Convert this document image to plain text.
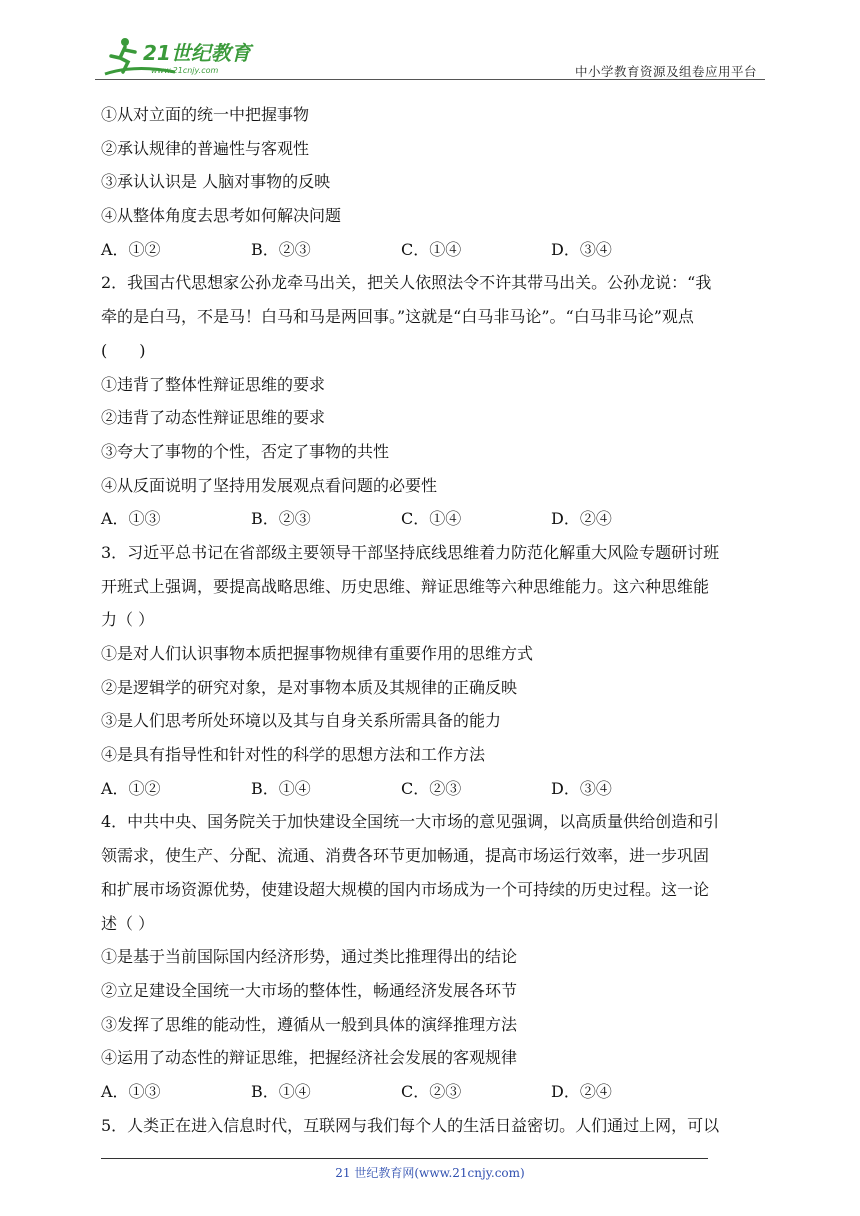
21世纪教育
www.21cnjy.com	中小学教育资源及组卷应用平台
①从对立面的统一中把握事物
②承认规律的普遍性与客观性
③承认认识是 人脑对事物的反映
④从整体角度去思考如何解决问题
A．①②	B．②③	C．①④	D．③④
2．我国古代思想家公孙龙牵马出关，把关人依照法令不许其带马出关。公孙龙说：“我
牵的是白马，不是马！白马和马是两回事。”这就是“白马非马论”。“白马非马论”观点
(　　)
①违背了整体性辩证思维的要求
②违背了动态性辩证思维的要求
③夸大了事物的个性，否定了事物的共性
④从反面说明了坚持用发展观点看问题的必要性
A．①③	B．②③	C．①④	D．②④
3．习近平总书记在省部级主要领导干部坚持底线思维着力防范化解重大风险专题研讨班
开班式上强调，要提高战略思维、历史思维、辩证思维等六种思维能力。这六种思维能
力（ ）
①是对人们认识事物本质把握事物规律有重要作用的思维方式
②是逻辑学的研究对象，是对事物本质及其规律的正确反映
③是人们思考所处环境以及其与自身关系所需具备的能力
④是具有指导性和针对性的科学的思想方法和工作方法
A．①②	B．①④	C．②③	D．③④
4．中共中央、国务院关于加快建设全国统一大市场的意见强调，以高质量供给创造和引
领需求，使生产、分配、流通、消费各环节更加畅通，提高市场运行效率，进一步巩固
和扩展市场资源优势，使建设超大规模的国内市场成为一个可持续的历史过程。这一论
述（ ）
①是基于当前国际国内经济形势，通过类比推理得出的结论
②立足建设全国统一大市场的整体性，畅通经济发展各环节
③发挥了思维的能动性，遵循从一般到具体的演绎推理方法
④运用了动态性的辩证思维，把握经济社会发展的客观规律
A．①③	B．①④	C．②③	D．②④
5．人类正在进入信息时代，互联网与我们每个人的生活日益密切。人们通过上网，可以
21 世纪教育网(www.21cnjy.com)
